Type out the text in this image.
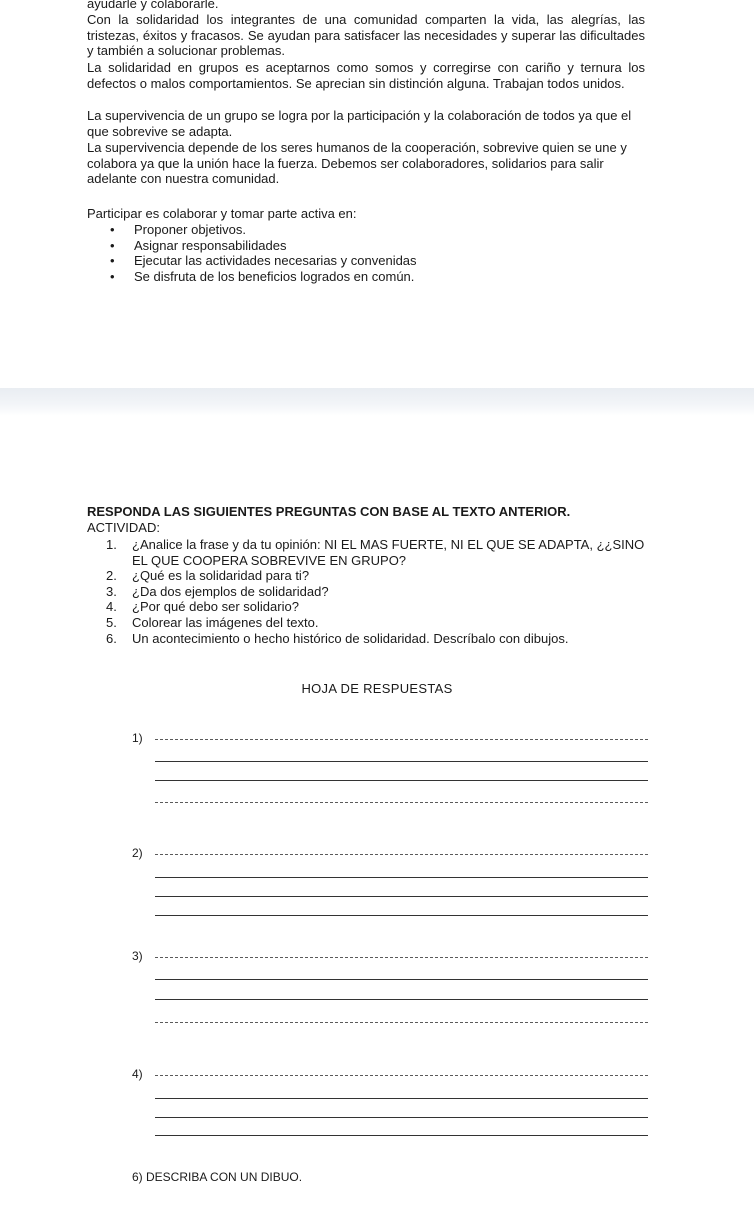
ayudarle y colaborarle.

Con la solidaridad los integrantes de una comunidad comparten la vida, las alegrías, las tristezas, éxitos y fracasos. Se ayudan para satisfacer las necesidades y superar las dificultades y también a solucionar problemas.

La solidaridad en grupos es aceptarnos como somos y corregirse con cariño y ternura los defectos o malos comportamientos. Se aprecian sin distinción alguna. Trabajan todos unidos.

La supervivencia de un grupo se logra por la participación y la colaboración de todos ya que el que sobrevive se adapta.

La supervivencia depende de los seres humanos de la cooperación, sobrevive quien se une y colabora ya que la unión hace la fuerza. Debemos ser colaboradores, solidarios para salir adelante con nuestra comunidad.

Participar es colaborar y tomar parte activa en:

• Proponer objetivos.
• Asignar responsabilidades
• Ejecutar las actividades necesarias y convenidas
• Se disfruta de los beneficios logrados en común.
RESPONDA LAS SIGUIENTES PREGUNTAS CON BASE AL TEXTO ANTERIOR.
ACTIVIDAD:
1. ¿Analice la frase y da tu opinión: NI EL MAS FUERTE, NI EL QUE SE ADAPTA, ¿¿SINO EL QUE COOPERA SOBREVIVE EN GRUPO?
2. ¿Qué es la solidaridad para ti?
3. ¿Da dos ejemplos de solidaridad?
4. ¿Por qué debo ser solidario?
5. Colorear las imágenes del texto.
6. Un acontecimiento o hecho histórico de solidaridad. Descríbalo con dibujos.
HOJA DE RESPUESTAS
1)
2)
3)
4)
6) DESCRIBA CON UN DIBUO.
